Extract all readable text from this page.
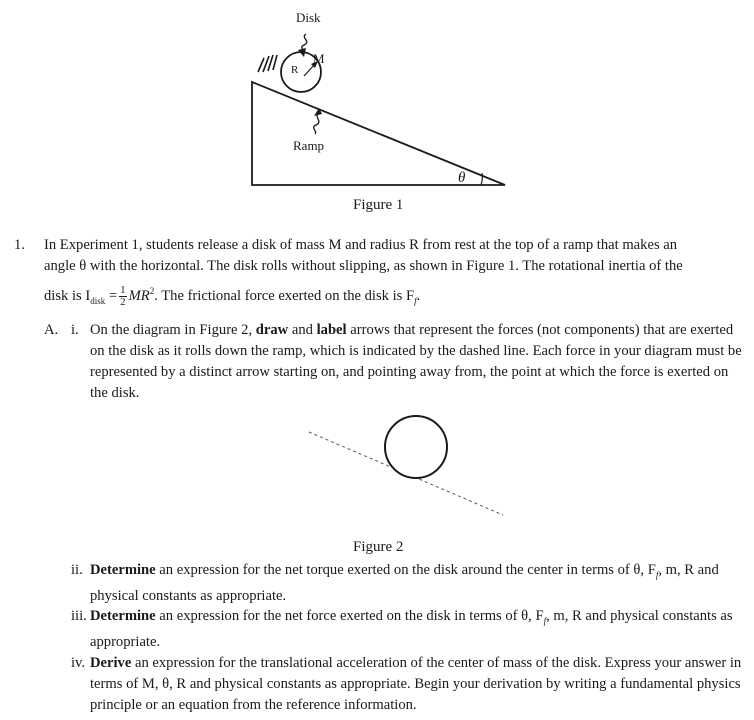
Disk
M
R
Ramp
θ
Figure 1
1. In Experiment 1, students release a disk of mass M and radius R from rest at the top of a ramp that makes an

angle θ with the horizontal. The disk rolls without slipping, as shown in Figure 1. The rotational inertia of the

disk is $I_{disk} = \frac{1}{2} MR^2$. The frictional force exerted on the disk is $F_f$.

A. i. On the diagram in Figure 2, draw and label arrows that represent the forces (not components) that are exerted on the disk as it rolls down the ramp, which is indicated by the dashed line. Each force in your diagram must be represented by a distinct arrow starting on, and pointing away from, the point at which the force is exerted on the disk.
Figure 2
ii. Determine an expression for the net torque exerted on the disk around the center in terms of θ, $F_f$, m, R and physical constants as appropriate.
iii. Determine an expression for the net force exerted on the disk in terms of θ, $F_f$, m, R and physical constants as appropriate.
iv. Derive an expression for the translational acceleration of the center of mass of the disk. Express your answer in terms of M, θ, R and physical constants as appropriate. Begin your derivation by writing a fundamental physics principle or an equation from the reference information.
